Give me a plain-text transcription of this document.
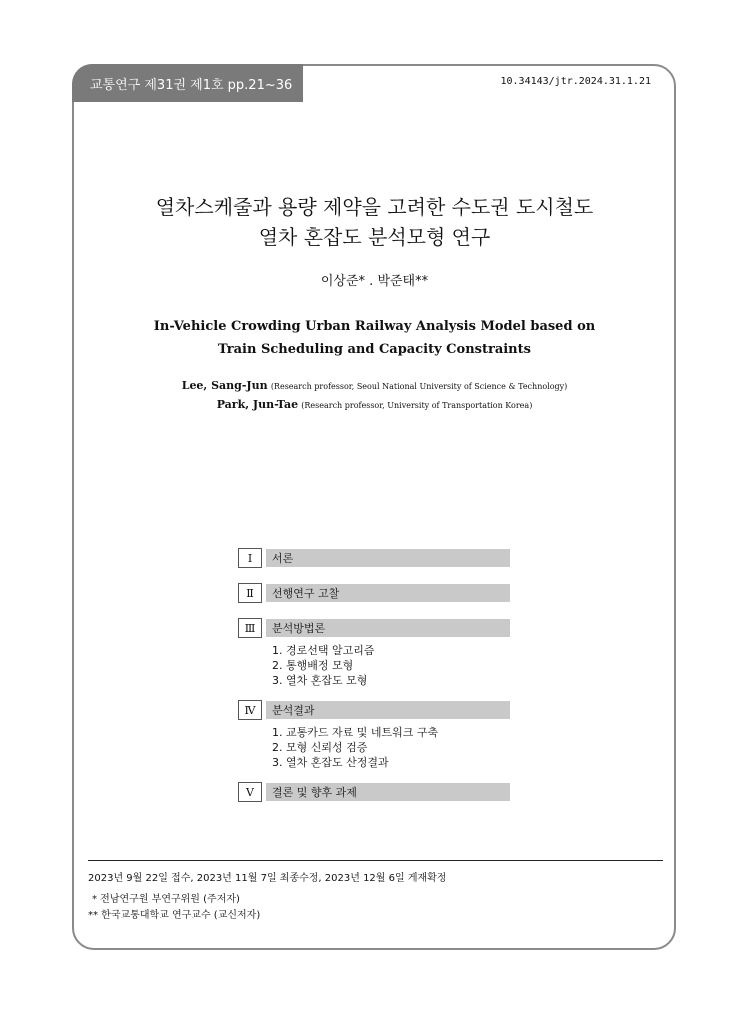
교통연구 제31권 제1호 pp.21~36	10.34143/jtr.2024.31.1.21
열차스케줄과 용량 제약을 고려한 수도권 도시철도
열차 혼잡도 분석모형 연구
이상준* . 박준태**
In-Vehicle Crowding Urban Railway Analysis Model based on
Train Scheduling and Capacity Constraints
Lee, Sang-Jun (Research professor, Seoul National University of Science & Technology)
Park, Jun-Tae (Research professor, University of Transportation Korea)
Ⅰ	서론
Ⅱ	선행연구 고찰
Ⅲ	분석방법론
1. 경로선택 알고리즘
2. 통행배정 모형
3. 열차 혼잡도 모형
Ⅳ	분석결과
1. 교통카드 자료 및 네트워크 구축
2. 모형 신뢰성 검증
3. 열차 혼잡도 산정결과
Ⅴ	결론 및 향후 과제
2023년 9월 22일 접수, 2023년 11월 7일 최종수정, 2023년 12월 6일 게재확정
* 전남연구원 부연구위원 (주저자)
** 한국교통대학교 연구교수 (교신저자)
